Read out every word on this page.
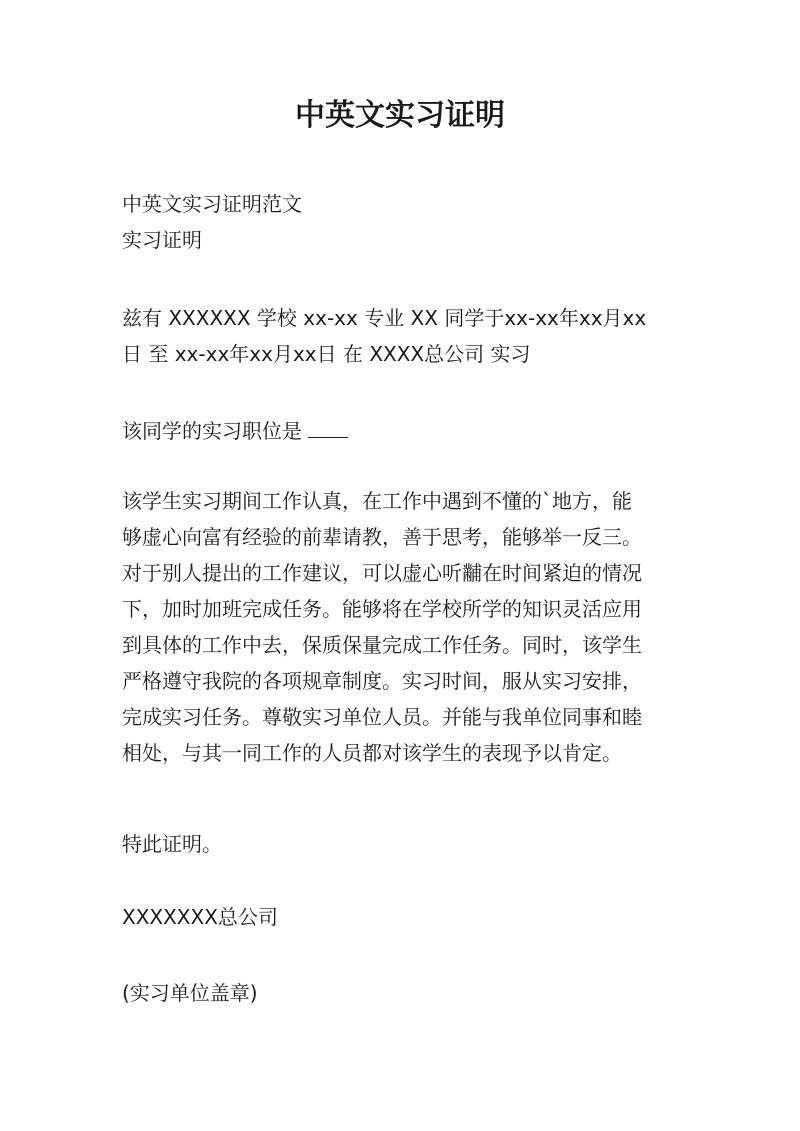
中英文实习证明
中英文实习证明范文
实习证明
兹有 XXXXXX 学校 xx-xx 专业 XX 同学于xx-xx年xx月xx
日 至 xx-xx年xx月xx日 在 XXXX总公司 实习
该同学的实习职位是
该学生实习期间工作认真，在工作中遇到不懂的`地方，能
够虚心向富有经验的前辈请教，善于思考，能够举一反三。
对于别人提出的工作建议，可以虚心听黼在时间紧迫的情况
下，加时加班完成任务。能够将在学校所学的知识灵活应用
到具体的工作中去，保质保量完成工作任务。同时，该学生
严格遵守我院的各项规章制度。实习时间，服从实习安排，
完成实习任务。尊敬实习单位人员。并能与我单位同事和睦
相处，与其一同工作的人员都对该学生的表现予以肯定。
特此证明。
XXXXXXX总公司
(实习单位盖章)
